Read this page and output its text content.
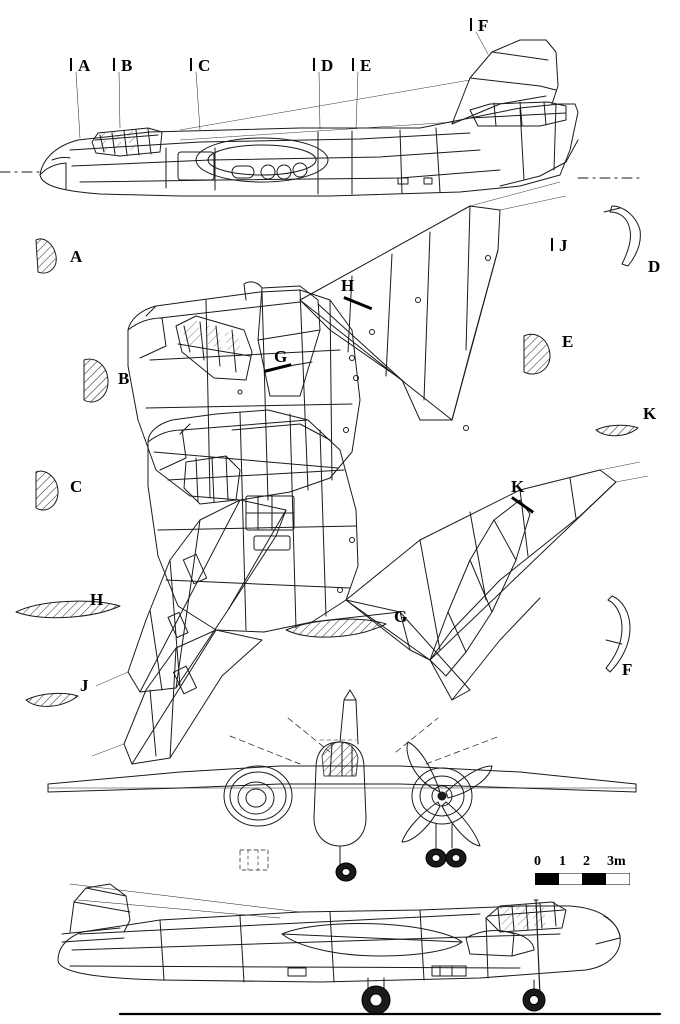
A B	C	D E
F
A
B
C
H
J
D
E
K
G
F
J
H
G
K
0 1 2 3m
